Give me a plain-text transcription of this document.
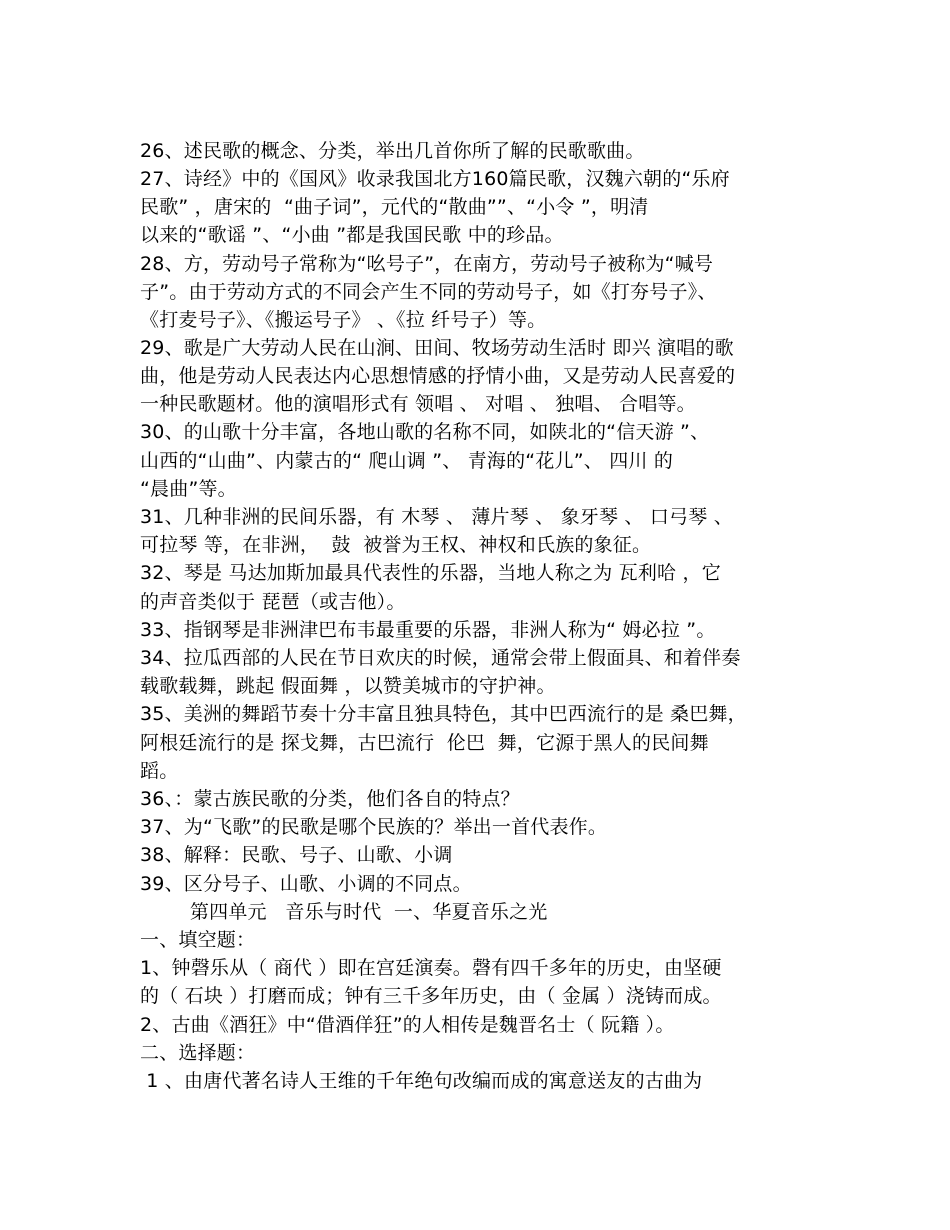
26、述民歌的概念、分类，举出几首你所了解的民歌歌曲。
27、诗经》中的《国风》收录我国北方160篇民歌，汉魏六朝的“乐府
民歌” ，唐宋的  “曲子词”，元代的“散曲””、“小令 ”，明清
以来的“歌谣 ”、“小曲 ”都是我国民歌 中的珍品。
28、方，劳动号子常称为“吆号子”，在南方，劳动号子被称为“喊号
子”。由于劳动方式的不同会产生不同的劳动号子，如《打夯号子》、
《打麦号子》、《搬运号子》 、《拉 纤号子）等。
29、歌是广大劳动人民在山涧、田间、牧场劳动生活时 即兴 演唱的歌
曲，他是劳动人民表达内心思想情感的抒情小曲，又是劳动人民喜爱的
一种民歌题材。他的演唱形式有 领唱 、 对唱 、 独唱、 合唱等。
30、的山歌十分丰富，各地山歌的名称不同，如陕北的“信天游 ”、
山西的“山曲”、内蒙古的“ 爬山调 ”、 青海的“花儿”、 四川 的
“晨曲”等。
31、几种非洲的民间乐器，有 木琴 、 薄片琴 、 象牙琴 、 口弓琴 、
可拉琴 等，在非洲，  鼓  被誉为王权、神权和氏族的象征。
32、琴是 马达加斯加最具代表性的乐器，当地人称之为 瓦利哈 ，它
的声音类似于 琵琶（或吉他）。
33、指钢琴是非洲津巴布韦最重要的乐器，非洲人称为“ 姆必拉 ”。
34、拉瓜西部的人民在节日欢庆的时候，通常会带上假面具、和着伴奏
载歌载舞，跳起 假面舞 ，以赞美城市的守护神。
35、美洲的舞蹈节奏十分丰富且独具特色，其中巴西流行的是 桑巴舞，
阿根廷流行的是 探戈舞，古巴流行  伦巴  舞，它源于黑人的民间舞
蹈。
36、：蒙古族民歌的分类，他们各自的特点？
37、为“飞歌”的民歌是哪个民族的？举出一首代表作。
38、解释：民歌、号子、山歌、小调
39、区分号子、山歌、小调的不同点。
第四单元   音乐与时代  一、华夏音乐之光
一、填空题：
1、钟磬乐从（ 商代 ）即在宫廷演奏。磬有四千多年的历史，由坚硬
的（ 石块 ）打磨而成；钟有三千多年历史，由（ 金属 ）浇铸而成。
2、古曲《酒狂》中“借酒佯狂”的人相传是魏晋名士（ 阮籍 ）。
二、选择题：
1 、由唐代著名诗人王维的千年绝句改编而成的寓意送友的古曲为
